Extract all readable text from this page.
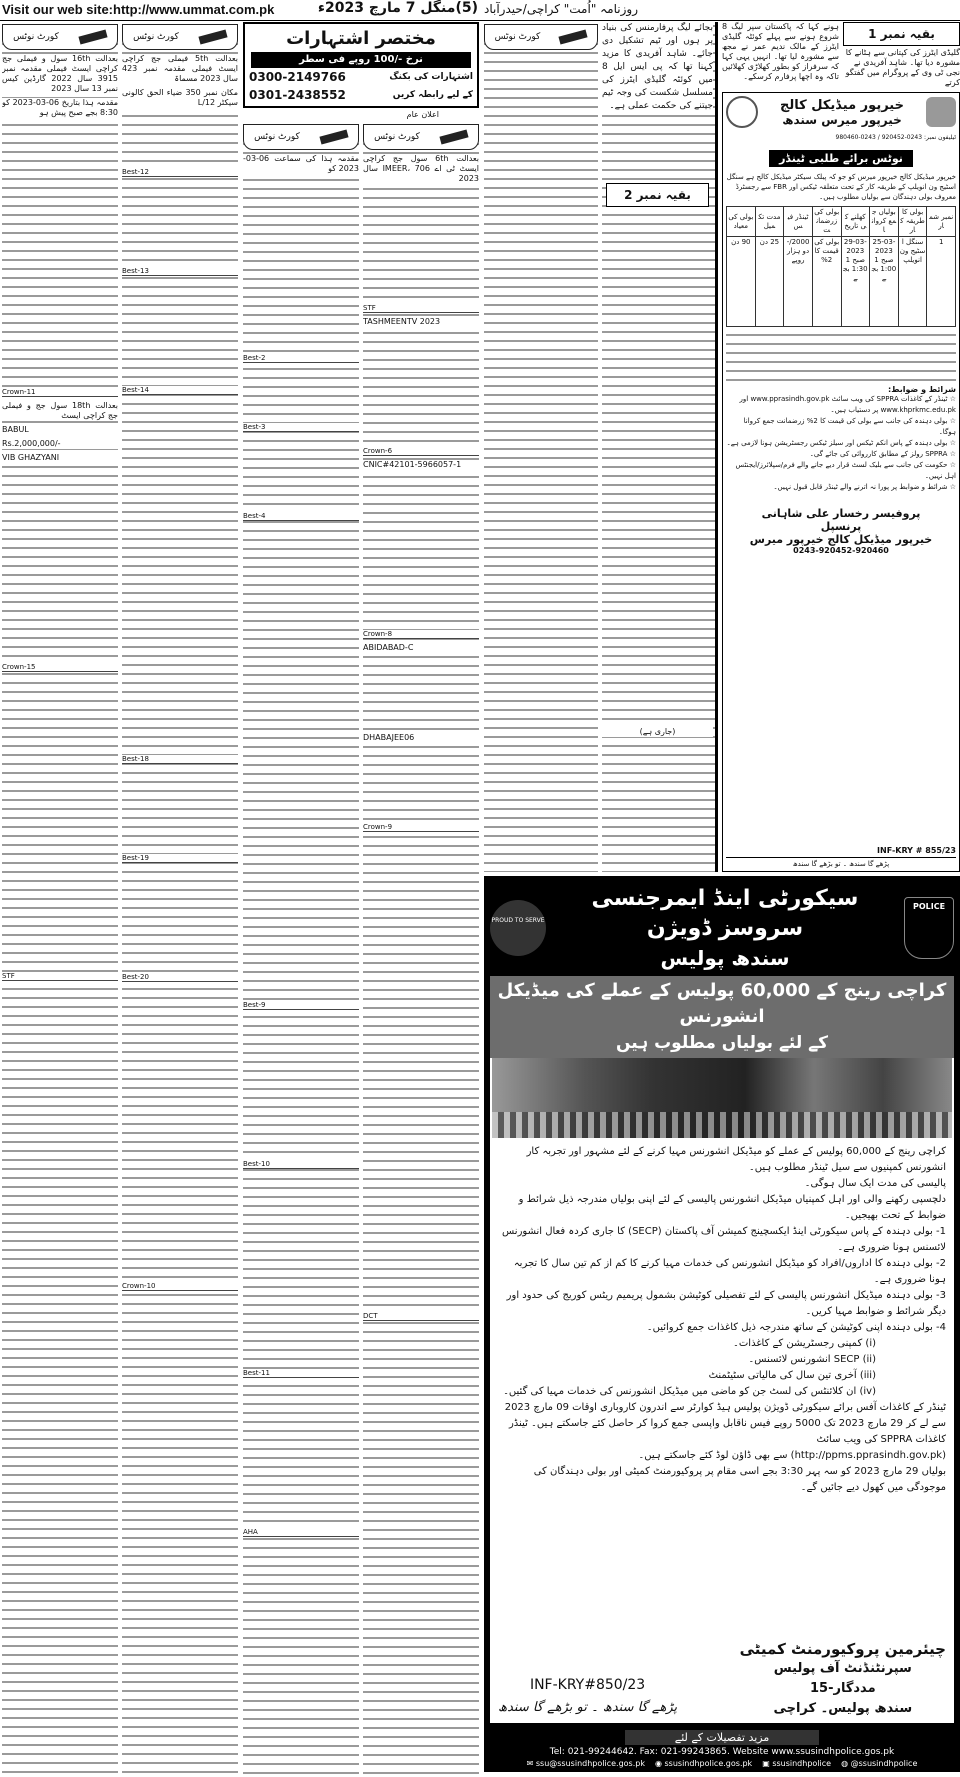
Visit our web site:http://www.ummat.com.pk	(5)منگل 7 مارچ 2023ء روزنامہ "اُمت" کراچی/حیدرآباد
کورٹ نوٹس

بعدالت 16th سول و فیملی جج کراچی ایسٹ فیملی مقدمہ نمبر 3915 سال 2022 گارڈین کیس نمبر 13 سال 2023

مقدمہ ہذا بتاریخ 06-03-2023 کو 8:30 بجے صبح پیش ہو

Crown-11

بعدالت 18th سول جج و فیملی جج کراچی ایسٹ

BABUL

Rs.2,000,000/-

VIB GHAZYANI

Crown-15
STF
کورٹ نوٹس

بعدالت 5th فیملی جج کراچی ایسٹ فیملی مقدمہ نمبر 423 سال 2023 مسماۃ

مکان نمبر 350 ضیاء الحق کالونی سیکٹر 12/L

Best-12
Best-13
Best-14
Best-18
Best-19
Best-20
Crown-10
مختصر اشتہارات
نرخ -/100 روپے فی سطر
0300-2149766	اشتہارات کی بکنگ
0301-2438552	کے لیے رابطہ کریں
اعلان عام
کورٹ نوٹس

مقدمہ ہذا کی سماعت 06-03-2023 کو

Best-2
Best-3
Best-4
Best-9
Best-10
Best-11
AHA
کورٹ نوٹس

بعدالت 6th سول جج کراچی ایسٹ ٹی اے IMEER، 706 سال 2023

STF

TASHMEENTV 2023

Crown-6

CNIC#42101-5966057-1

Crown-8

ABIDABAD-C

DHABAJEE06

Crown-9
DCT
کورٹ نوٹس

بجائے لیگ پرفارمنس کی بنیاد پر ہوں اور ٹیم تشکیل دی جائے۔ شاہد آفریدی کا مزید کہنا تھا کہ پی ایس ایل 8 میں کوئٹہ گلیڈی ایٹرز کی مسلسل شکست کی وجہ ٹیم جیتنے کی حکمت عملی ہے۔

بقیہ نمبر 2

(جاری ہے)

ہونے کہا کہ پاکستان سپر لیگ 8 شروع ہونے سے پہلے کوئٹہ گلیڈی ایٹرز کے مالک ندیم عمر نے مجھ سے مشورہ لیا تھا۔ انہیں یہی کہا کہ سرفراز کو بطور کھلاڑی کھلائیں تاکہ وہ اچھا پرفارم کرسکے۔

بقیہ نمبر 1
گلیڈی ایٹرز کی کپتانی سے ہٹانے کا مشورہ دیا تھا۔ شاہد آفریدی نے نجی ٹی وی کے پروگرام میں گفتگو کرتے
خیرپور میڈیکل کالج
خیرپور میرس سندھ
ٹیلیفون نمبر: 0243-920452 / 0243-980460
نوٹس برائے طلبی ٹینڈر
خیرپور میڈیکل کالج خیرپور میرس کو جو کہ پبلک سیکٹر میڈیکل کالج ہے سنگل اسٹیج ون انویلپ کے طریقہ کار کے تحت متعلقہ ٹیکس اور FBR سے رجسٹرڈ معروف بولی دہندگان سے بولیاں مطلوب ہیں۔
نمبر شمار	بولی کا طریقہ کار	بولیاں جمع کروانا	کھلنے کی تاریخ	بولی کی زرضمانت	ٹینڈر فیس	مدت تکمیل	بولی کی معیاد
1	سنگل اسٹیج ون انویلپ	25-03-2023 صبح 11:00 بجے	29-03-2023 صبح 11:30 بجے	بولی کی قیمت کا 2%	2000/- دو ہزار روپے	25 دن	90 دن
شرائط و ضوابط:
☆ ٹینڈر کے کاغذات SPPRA کی ویب سائٹ www.pprasindh.gov.pk اور www.khprkmc.edu.pk پر دستیاب ہیں۔
☆ بولی دہندہ کی جانب سے بولی کی قیمت کا 2% زرضمانت جمع کروانا ہوگا۔
☆ بولی دہندہ کے پاس انکم ٹیکس اور سیلز ٹیکس رجسٹریشن ہونا لازمی ہے۔
☆ SPPRA رولز کے مطابق کارروائی کی جائے گی۔
☆ حکومت کی جانب سے بلیک لسٹ قرار دیے جانے والے فرم/سپلائرز/ایجنٹس اہل نہیں۔
☆ شرائط و ضوابط پر پورا نہ اترنے والے ٹینڈر قابل قبول نہیں۔
پروفیسر رخسار علی شاہانی
پرنسپل
خیرپور میڈیکل کالج خیرپور میرس
0243-920452-920460
INF-KRY # 855/23
پڑھے گا سندھ ۔ تو بڑھے گا سندھ
PROUD TO SERVE
سیکورٹی اینڈ ایمرجنسی سروسز ڈویژن
سندھ پولیس
POLICE
کراچی رینج کے 60,000 پولیس کے عملے کی میڈیکل انشورنس
کے لئے بولیاں مطلوب ہیں

کراچی رینج کے 60,000 پولیس کے عملے کو میڈیکل انشورنس مہیا کرنے کے لئے مشہور اور تجربہ کار انشورنس کمپنیوں سے سیل ٹینڈر مطلوب ہیں۔

پالیسی کی مدت ایک سال ہوگی۔

دلچسپی رکھنے والی اور اہل کمپنیاں میڈیکل انشورنس پالیسی کے لئے اپنی بولیاں مندرجہ ذیل شرائط و ضوابط کے تحت بھیجیں۔

1- بولی دہندہ کے پاس سیکورٹی اینڈ ایکسچینج کمیشن آف پاکستان (SECP) کا جاری کردہ فعال انشورنس لائسنس ہونا ضروری ہے۔

2- بولی دہندہ کا اداروں/افراد کو میڈیکل انشورنس کی خدمات مہیا کرنے کا کم از کم تین سال کا تجربہ ہونا ضروری ہے۔

3- بولی دہندہ میڈیکل انشورنس پالیسی کے لئے تفصیلی کوٹیشن بشمول پریمیم ریٹس کوریج کی حدود اور دیگر شرائط و ضوابط مہیا کریں۔

4- بولی دہندہ اپنی کوٹیشن کے ساتھ مندرجہ ذیل کاغذات جمع کروائیں۔

(i) کمپنی رجسٹریشن کے کاغذات۔

(ii) SECP انشورنس لائسنس۔

(iii) آخری تین سال کی مالیاتی سٹیٹمنٹ

(iv) ان کلائنٹس کی لسٹ جن کو ماضی میں میڈیکل انشورنس کی خدمات مہیا کی گئیں۔

ٹینڈر کے کاغذات آفس برائے سیکورٹی ڈویژن پولیس ہیڈ کوارٹر سے اندرون کاروباری اوقات 09 مارچ 2023 سے لے کر 29 مارچ 2023 تک 5000 روپے فیس ناقابل واپسی جمع کروا کر حاصل کئے جاسکتے ہیں۔ ٹینڈر کاغذات SPPRA کی ویب سائٹ

(http://ppms.pprasindh.gov.pk) سے بھی ڈاؤن لوڈ کئے جاسکتے ہیں۔

بولیاں 29 مارچ 2023 کو سہ پہر 3:30 بجے اسی مقام پر پروکیورمنٹ کمیٹی اور بولی دہندگان کی موجودگی میں کھول دیے جائیں گے۔

چیئرمین پروکیورمنٹ کمیٹی
سپرنٹنڈنٹ آف پولیس
مددگار-15
سندھ پولیس۔ کراچی
INF-KRY#850/23
پڑھے گا سندھ ۔ تو بڑھے گا سندھ
مزید تفصیلات کے لئے
Tel: 021-99244642. Fax: 021-99243865. Website www.ssusindhpolice.gos.pk
✉ ssu@ssusindhpolice.gos.pk ◉ ssusindhpolice.gos.pk ▣ ssusindhpolice ◍ @ssusindhpolice
